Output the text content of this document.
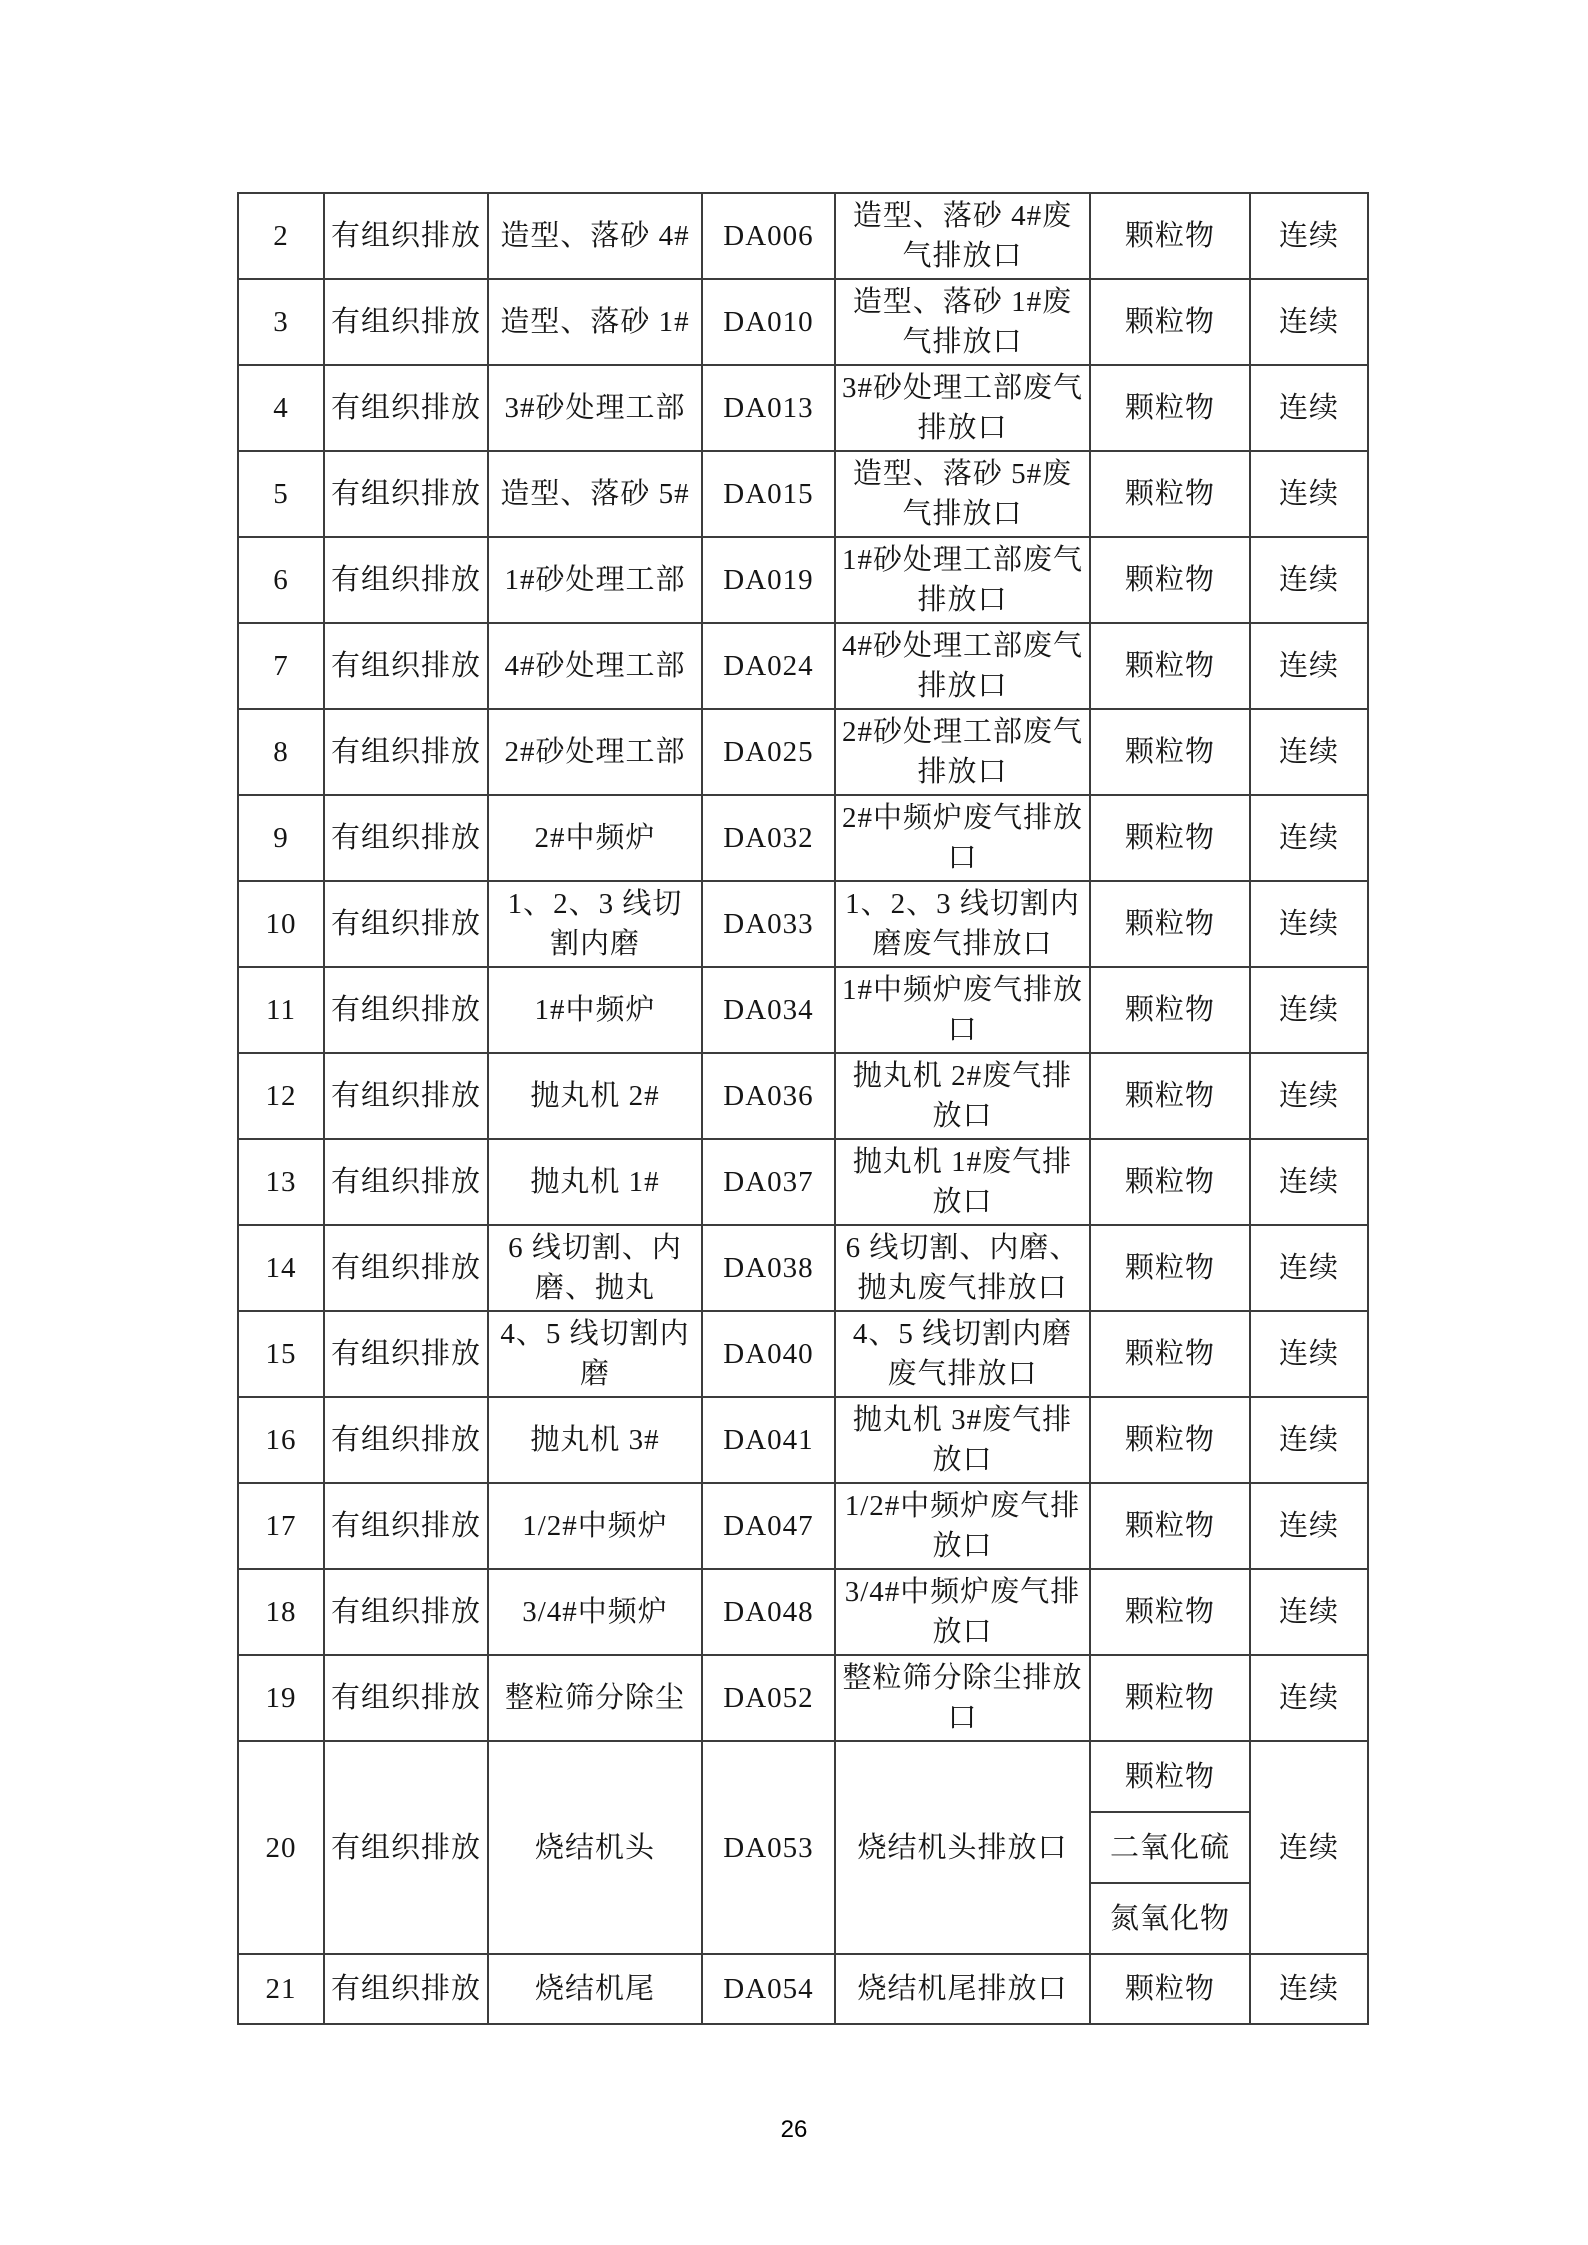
2	有组织排放	造型、落砂 4#	DA006	造型、落砂 4#废气排放口	颗粒物	连续
3	有组织排放	造型、落砂 1#	DA010	造型、落砂 1#废气排放口	颗粒物	连续
4	有组织排放	3#砂处理工部	DA013	3#砂处理工部废气排放口	颗粒物	连续
5	有组织排放	造型、落砂 5#	DA015	造型、落砂 5#废气排放口	颗粒物	连续
6	有组织排放	1#砂处理工部	DA019	1#砂处理工部废气排放口	颗粒物	连续
7	有组织排放	4#砂处理工部	DA024	4#砂处理工部废气排放口	颗粒物	连续
8	有组织排放	2#砂处理工部	DA025	2#砂处理工部废气排放口	颗粒物	连续
9	有组织排放	2#中频炉	DA032	2#中频炉废气排放口	颗粒物	连续
10	有组织排放	1、2、3 线切割内磨	DA033	1、2、3 线切割内磨废气排放口	颗粒物	连续
11	有组织排放	1#中频炉	DA034	1#中频炉废气排放口	颗粒物	连续
12	有组织排放	抛丸机 2#	DA036	抛丸机 2#废气排放口	颗粒物	连续
13	有组织排放	抛丸机 1#	DA037	抛丸机 1#废气排放口	颗粒物	连续
14	有组织排放	6 线切割、内磨、抛丸	DA038	6 线切割、内磨、抛丸废气排放口	颗粒物	连续
15	有组织排放	4、5 线切割内磨	DA040	4、5 线切割内磨废气排放口	颗粒物	连续
16	有组织排放	抛丸机 3#	DA041	抛丸机 3#废气排放口	颗粒物	连续
17	有组织排放	1/2#中频炉	DA047	1/2#中频炉废气排放口	颗粒物	连续
18	有组织排放	3/4#中频炉	DA048	3/4#中频炉废气排放口	颗粒物	连续
19	有组织排放	整粒筛分除尘	DA052	整粒筛分除尘排放口	颗粒物	连续
20	有组织排放	烧结机头	DA053	烧结机头排放口	颗粒物	连续
					二氧化硫	
					氮氧化物	
21	有组织排放	烧结机尾	DA054	烧结机尾排放口	颗粒物	连续
26
